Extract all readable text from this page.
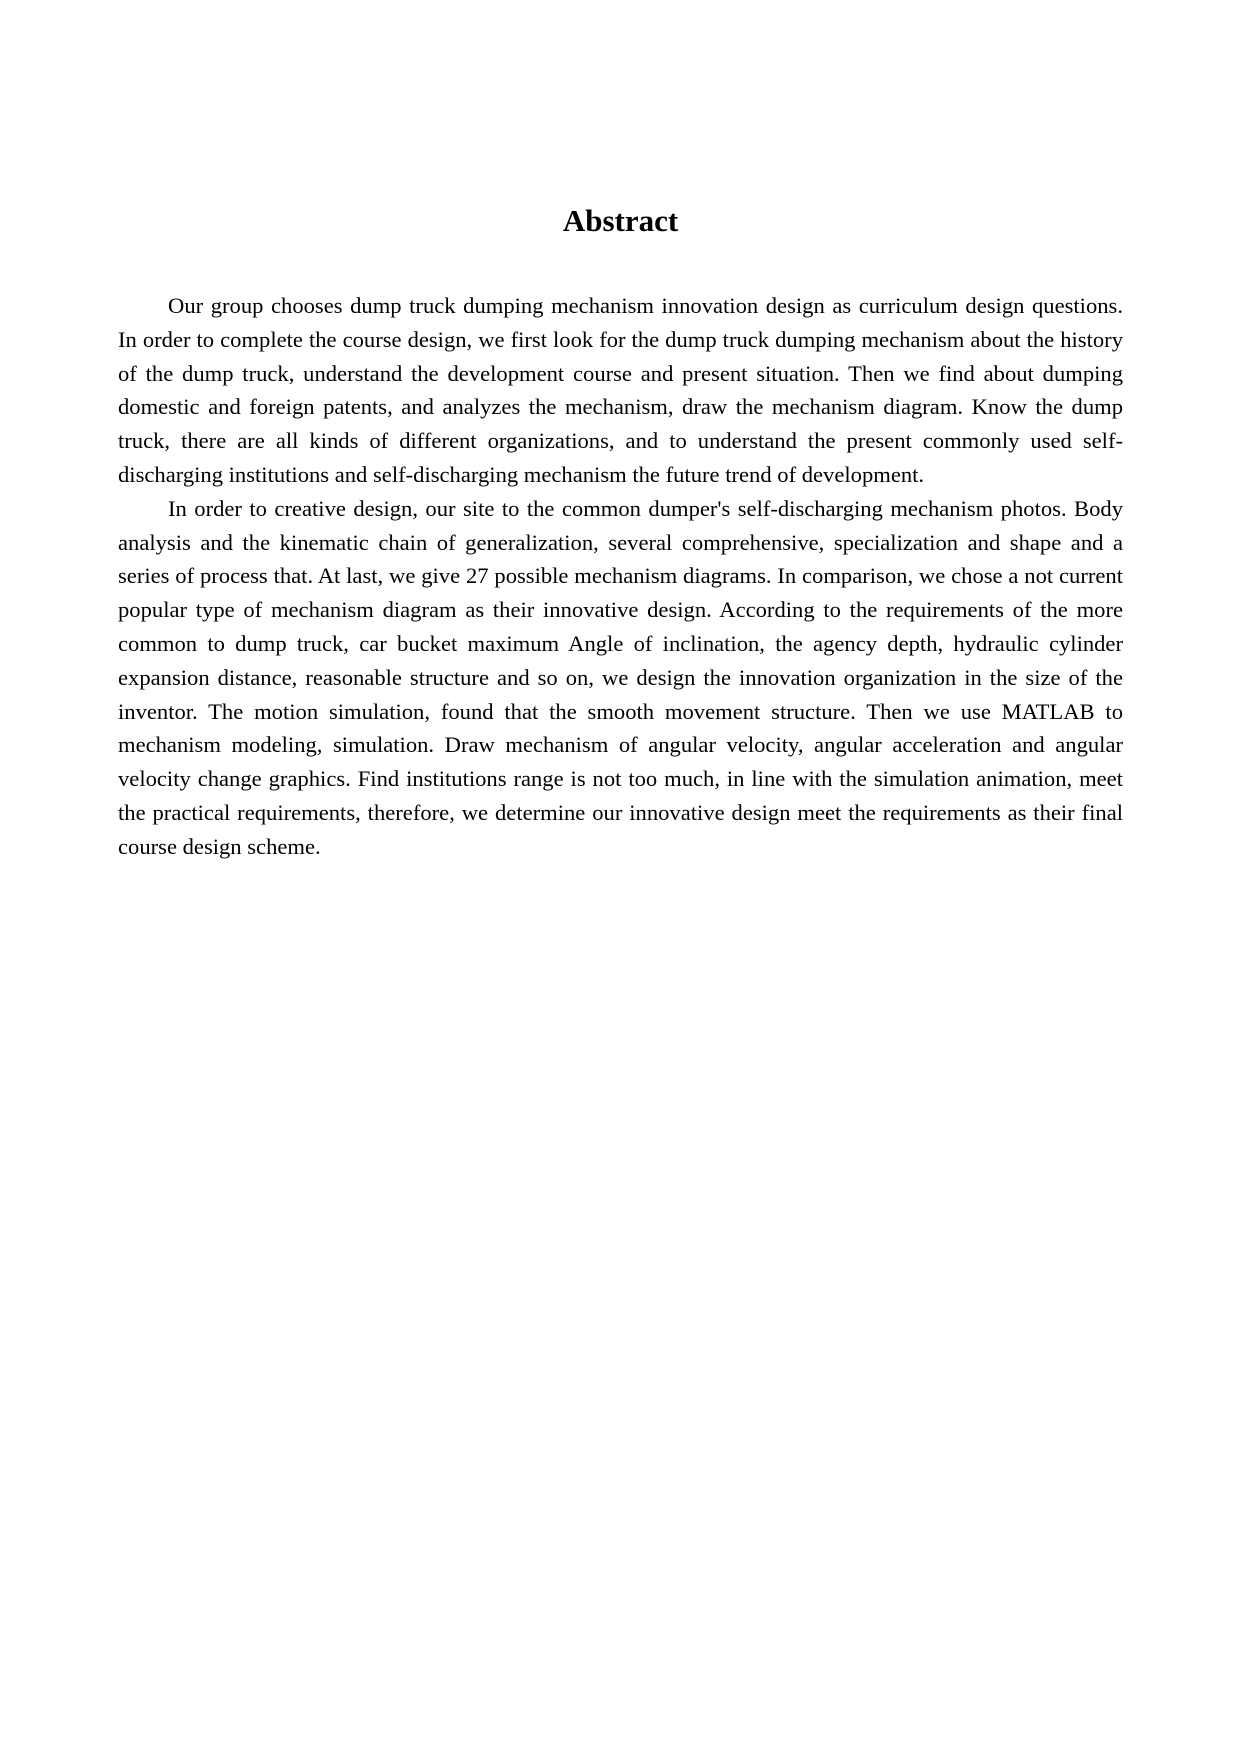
Abstract

Our group chooses dump truck dumping mechanism innovation design as curriculum design questions. In order to complete the course design, we first look for the dump truck dumping mechanism about the history of the dump truck, understand the development course and present situation. Then we find about dumping domestic and foreign patents, and analyzes the mechanism, draw the mechanism diagram. Know the dump truck, there are all kinds of different organizations, and to understand the present commonly used self-discharging institutions and self-discharging mechanism the future trend of development.

In order to creative design, our site to the common dumper's self-discharging mechanism photos. Body analysis and the kinematic chain of generalization, several comprehensive, specialization and shape and a series of process that. At last, we give 27 possible mechanism diagrams. In comparison, we chose a not current popular type of mechanism diagram as their innovative design. According to the requirements of the more common to dump truck, car bucket maximum Angle of inclination, the agency depth, hydraulic cylinder expansion distance, reasonable structure and so on, we design the innovation organization in the size of the inventor. The motion simulation, found that the smooth movement structure. Then we use MATLAB to mechanism modeling, simulation. Draw mechanism of angular velocity, angular acceleration and angular velocity change graphics. Find institutions range is not too much, in line with the simulation animation, meet the practical requirements, therefore, we determine our innovative design meet the requirements as their final course design scheme.
